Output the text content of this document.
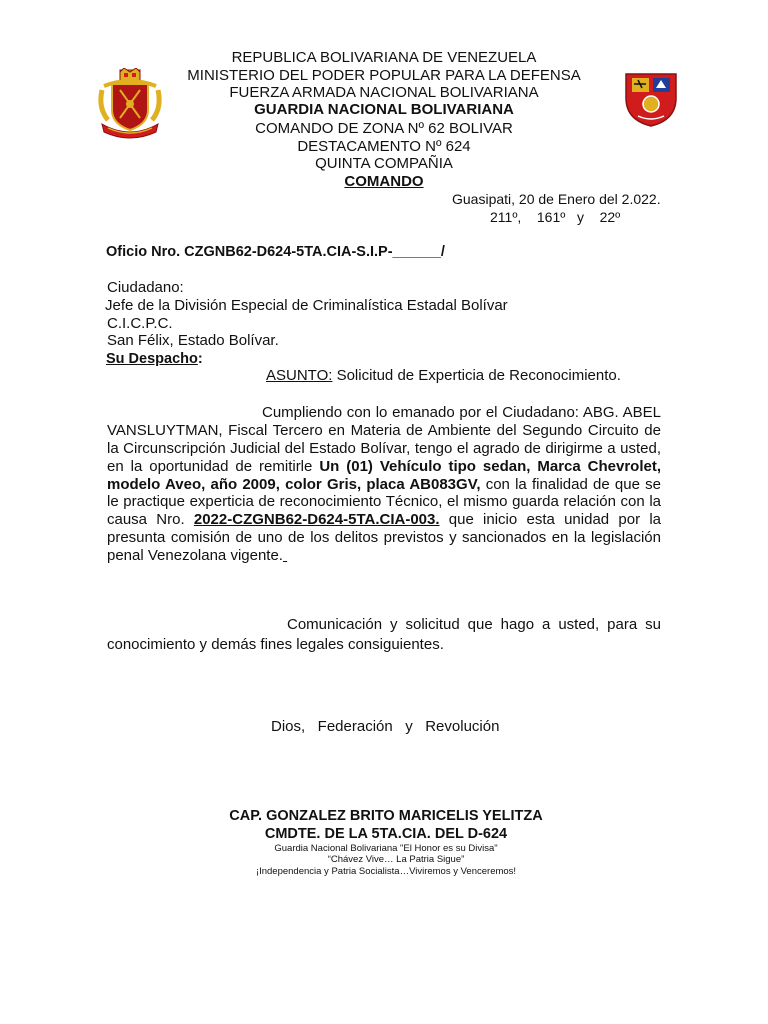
REPUBLICA BOLIVARIANA DE VENEZUELA
MINISTERIO DEL PODER POPULAR PARA LA DEFENSA
FUERZA ARMADA NACIONAL BOLIVARIANA
GUARDIA NACIONAL BOLIVARIANA
COMANDO DE ZONA Nº 62 BOLIVAR
DESTACAMENTO Nº 624
QUINTA COMPAÑIA
COMANDO
Guasipati, 20 de Enero del 2.022.
211º,    161º   y    22º
Oficio Nro. CZGNB62-D624-5TA.CIA-S.I.P-______/
Ciudadano:
Jefe de la División Especial de Criminalística Estadal Bolívar
C.I.C.P.C.
San Félix, Estado Bolívar.
Su Despacho:
ASUNTO: Solicitud de Experticia de Reconocimiento.
Cumpliendo con lo emanado por el Ciudadano: ABG. ABEL
VANSLUYTMAN, Fiscal Tercero en Materia de Ambiente del Segundo Circuito de
la Circunscripción Judicial del Estado Bolívar, tengo el agrado de dirigirme a usted,
en la oportunidad de remitirle Un (01) Vehículo tipo sedan, Marca Chevrolet,
modelo Aveo, año 2009, color Gris, placa AB083GV, con la finalidad de que se
le practique experticia de reconocimiento Técnico, el mismo guarda relación con la
causa Nro. 2022-CZGNB62-D624-5TA.CIA-003. que inicio esta unidad por la
presunta comisión de uno de los delitos previstos y sancionados en la legislación
penal Venezolana vigente.
Comunicación y solicitud que hago a usted, para su
conocimiento y demás fines legales consiguientes.
Dios,   Federación   y   Revolución
CAP. GONZALEZ BRITO MARICELIS YELITZA
CMDTE. DE LA 5TA.CIA. DEL D-624
Guardia Nacional Bolivariana "El Honor es su Divisa"
“Chávez Vive… La Patria Sigue”
¡Independencia y Patria Socialista…Viviremos y Venceremos!
